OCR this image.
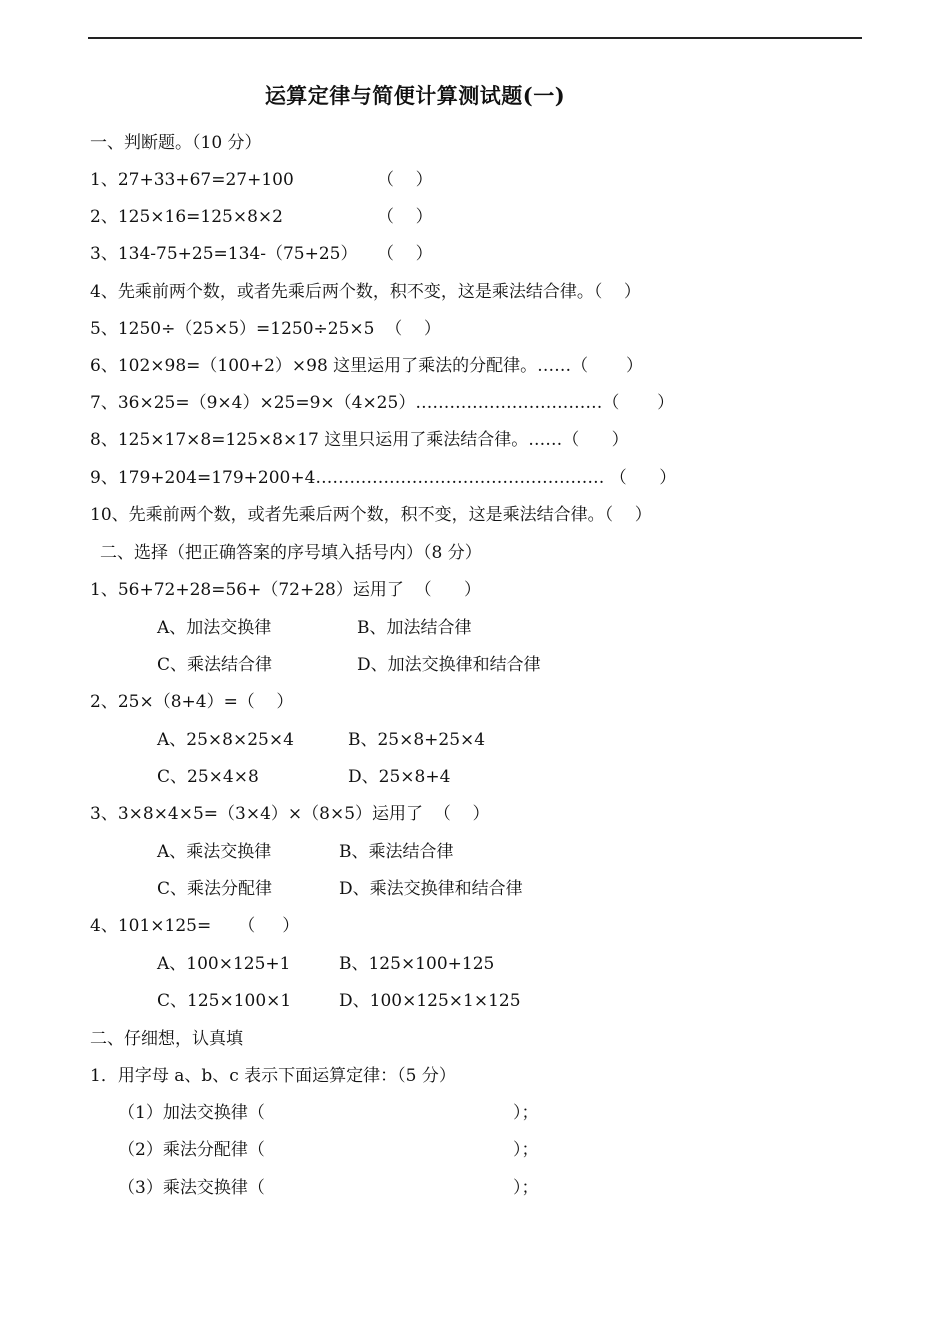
运算定律与简便计算测试题(一)
一、判断题。（10 分）
1、27+33+67=27+100	（    ）
2、125×16=125×8×2	（    ）
3、134-75+25=134-（75+25） （    ）
4、先乘前两个数，或者先乘后两个数，积不变，这是乘法结合律。（    ）
5、1250÷（25×5）=1250÷25×5  （    ）
6、102×98=（100+2）×98 这里运用了乘法的分配律。……（       ）
7、36×25=（9×4）×25=9×（4×25）……………………………（       ）
8、125×17×8=125×8×17 这里只运用了乘法结合律。……（      ）
9、179+204=179+200+4…………………………………………… （      ）
10、先乘前两个数，或者先乘后两个数，积不变，这是乘法结合律。（    ）
二、选择（把正确答案的序号填入括号内）（8 分）
1、56+72+28=56+（72+28）运用了  （      ）
A、加法交换律	B、加法结合律
C、乘法结合律	D、加法交换律和结合律
2、25×（8+4）=（    ）
A、25×8×25×4	B、25×8+25×4
C、25×4×8	D、25×8+4
3、3×8×4×5=（3×4）×（8×5）运用了  （    ）
A、乘法交换律	B、乘法结合律
C、乘法分配律	D、乘法交换律和结合律
4、101×125=     （     ）
A、100×125+1	B、125×100+125
C、125×100×1	D、100×125×1×125
二、仔细想，认真填
1．用字母 a、b、c 表示下面运算定律：（5 分）
（1）加法交换律（	）；
（2）乘法分配律（	）；
（3）乘法交换律（	）；
